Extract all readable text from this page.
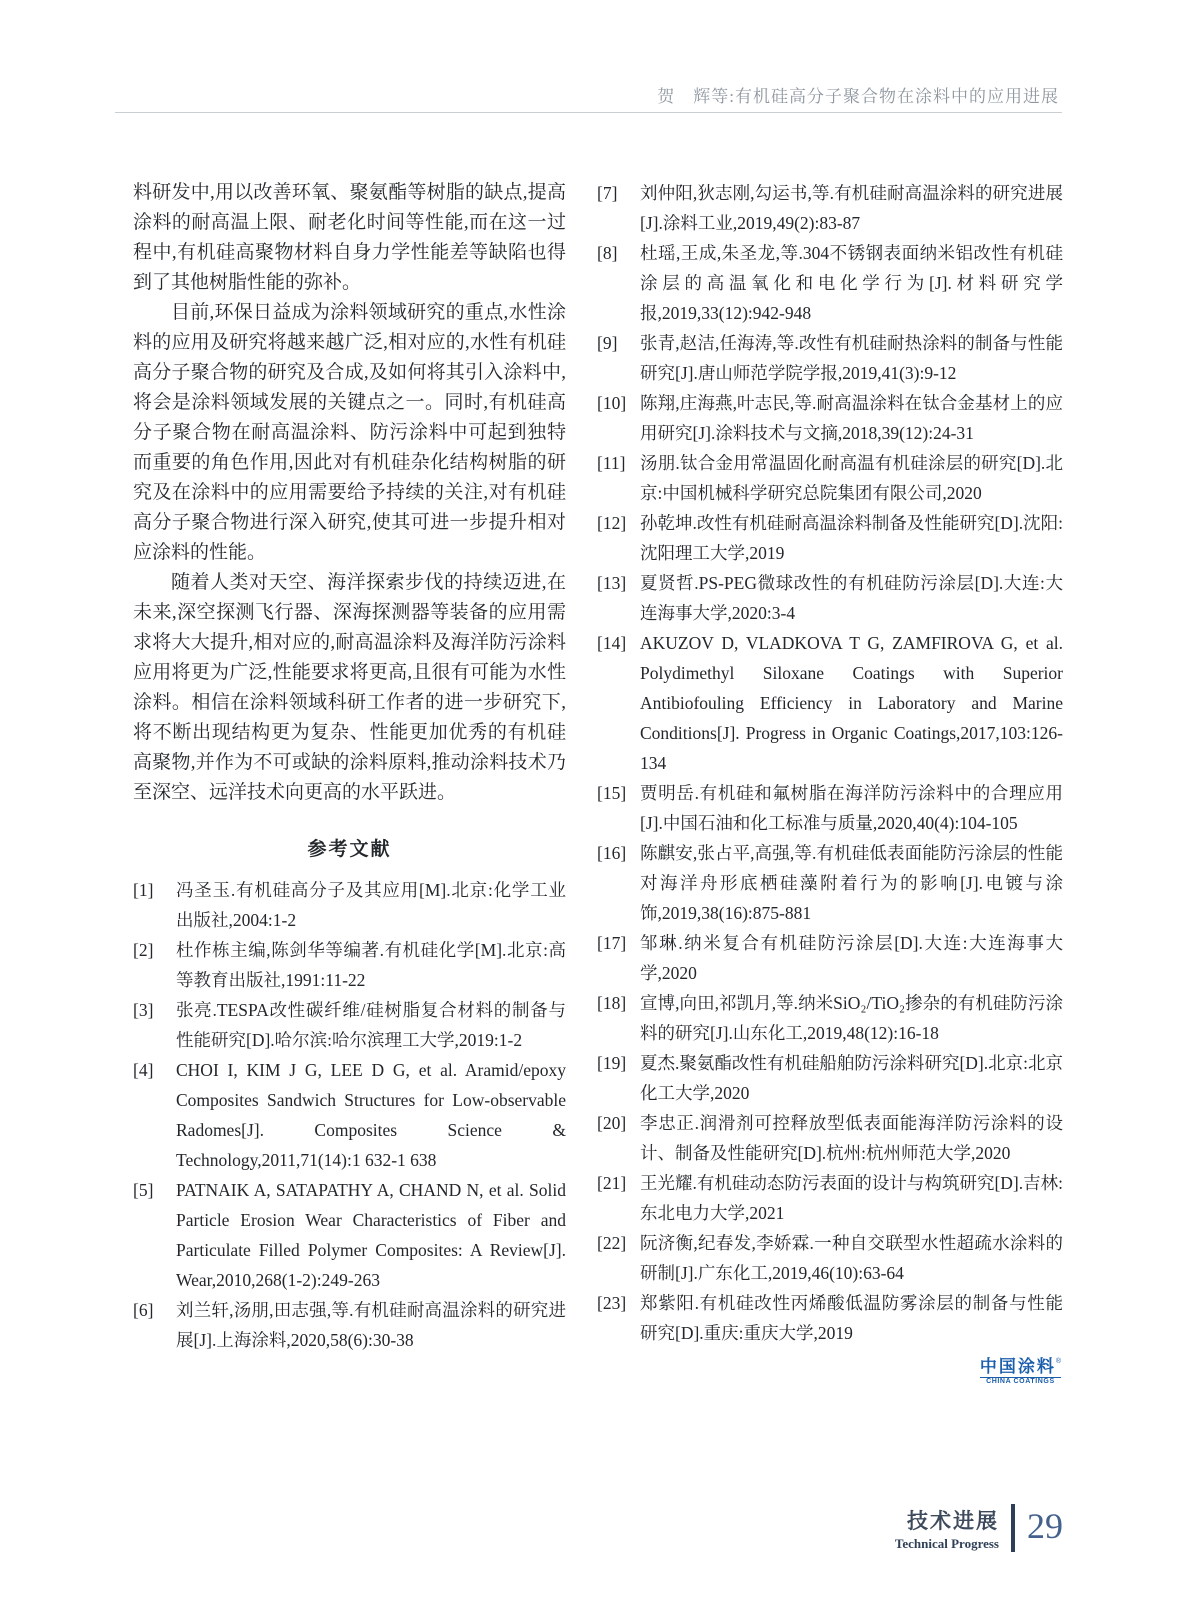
贺　辉等:有机硅高分子聚合物在涂料中的应用进展

料研发中,用以改善环氧、聚氨酯等树脂的缺点,提高涂料的耐高温上限、耐老化时间等性能,而在这一过程中,有机硅高聚物材料自身力学性能差等缺陷也得到了其他树脂性能的弥补。

目前,环保日益成为涂料领域研究的重点,水性涂料的应用及研究将越来越广泛,相对应的,水性有机硅高分子聚合物的研究及合成,及如何将其引入涂料中,将会是涂料领域发展的关键点之一。同时,有机硅高分子聚合物在耐高温涂料、防污涂料中可起到独特而重要的角色作用,因此对有机硅杂化结构树脂的研究及在涂料中的应用需要给予持续的关注,对有机硅高分子聚合物进行深入研究,使其可进一步提升相对应涂料的性能。

随着人类对天空、海洋探索步伐的持续迈进,在未来,深空探测飞行器、深海探测器等装备的应用需求将大大提升,相对应的,耐高温涂料及海洋防污涂料应用将更为广泛,性能要求将更高,且很有可能为水性涂料。相信在涂料领域科研工作者的进一步研究下,将不断出现结构更为复杂、性能更加优秀的有机硅高聚物,并作为不可或缺的涂料原料,推动涂料技术乃至深空、远洋技术向更高的水平跃进。

参考文献
[1]	冯圣玉.有机硅高分子及其应用[M].北京:化学工业出版社,2004:1-2
[2]	杜作栋主编,陈剑华等编著.有机硅化学[M].北京:高等教育出版社,1991:11-22
[3]	张亮.TESPA改性碳纤维/硅树脂复合材料的制备与性能研究[D].哈尔滨:哈尔滨理工大学,2019:1-2
[4]	CHOI I, KIM J G, LEE D G, et al. Aramid/epoxy Composites Sandwich Structures for Low-observable Radomes[J]. Composites Science & Technology,2011,71(14):1 632-1 638
[5]	PATNAIK A, SATAPATHY A, CHAND N, et al. Solid Particle Erosion Wear Characteristics of Fiber and Particulate Filled Polymer Composites: A Review[J]. Wear,2010,268(1-2):249-263
[6]	刘兰轩,汤朋,田志强,等.有机硅耐高温涂料的研究进展[J].上海涂料,2020,58(6):30-38
[7]	刘仲阳,狄志刚,勾运书,等.有机硅耐高温涂料的研究进展[J].涂料工业,2019,49(2):83-87
[8]	杜瑶,王成,朱圣龙,等.304不锈钢表面纳米铝改性有机硅涂层的高温氧化和电化学行为[J].材料研究学报,2019,33(12):942-948
[9]	张青,赵洁,任海涛,等.改性有机硅耐热涂料的制备与性能研究[J].唐山师范学院学报,2019,41(3):9-12
[10] 陈翔,庄海燕,叶志民,等.耐高温涂料在钛合金基材上的应用研究[J].涂料技术与文摘,2018,39(12):24-31
[11] 汤朋.钛合金用常温固化耐高温有机硅涂层的研究[D].北京:中国机械科学研究总院集团有限公司,2020
[12] 孙乾坤.改性有机硅耐高温涂料制备及性能研究[D].沈阳:沈阳理工大学,2019
[13] 夏贤哲.PS-PEG微球改性的有机硅防污涂层[D].大连:大连海事大学,2020:3-4
[14] AKUZOV D, VLADKOVA T G, ZAMFIROVA G, et al. Polydimethyl Siloxane Coatings with Superior Antibiofouling Efficiency in Laboratory and Marine Conditions[J]. Progress in Organic Coatings,2017,103:126-134
[15] 贾明岳.有机硅和氟树脂在海洋防污涂料中的合理应用[J].中国石油和化工标准与质量,2020,40(4):104-105
[16] 陈麒安,张占平,高强,等.有机硅低表面能防污涂层的性能对海洋舟形底栖硅藻附着行为的影响[J].电镀与涂饰,2019,38(16):875-881
[17] 邹琳.纳米复合有机硅防污涂层[D].大连:大连海事大学,2020
[18] 宣博,向田,祁凯月,等.纳米SiO₂/TiO₂掺杂的有机硅防污涂料的研究[J].山东化工,2019,48(12):16-18
[19] 夏杰.聚氨酯改性有机硅船舶防污涂料研究[D].北京:北京化工大学,2020
[20] 李忠正.润滑剂可控释放型低表面能海洋防污涂料的设计、制备及性能研究[D].杭州:杭州师范大学,2020
[21] 王光耀.有机硅动态防污表面的设计与构筑研究[D].吉林:东北电力大学,2021
[22] 阮济衡,纪春发,李娇霖.一种自交联型水性超疏水涂料的研制[J].广东化工,2019,46(10):63-64
[23] 郑紫阳.有机硅改性丙烯酸低温防雾涂层的制备与性能研究[D].重庆:重庆大学,2019
中国涂料®
CHINA COATINGS
技术进展
Technical Progress 29
